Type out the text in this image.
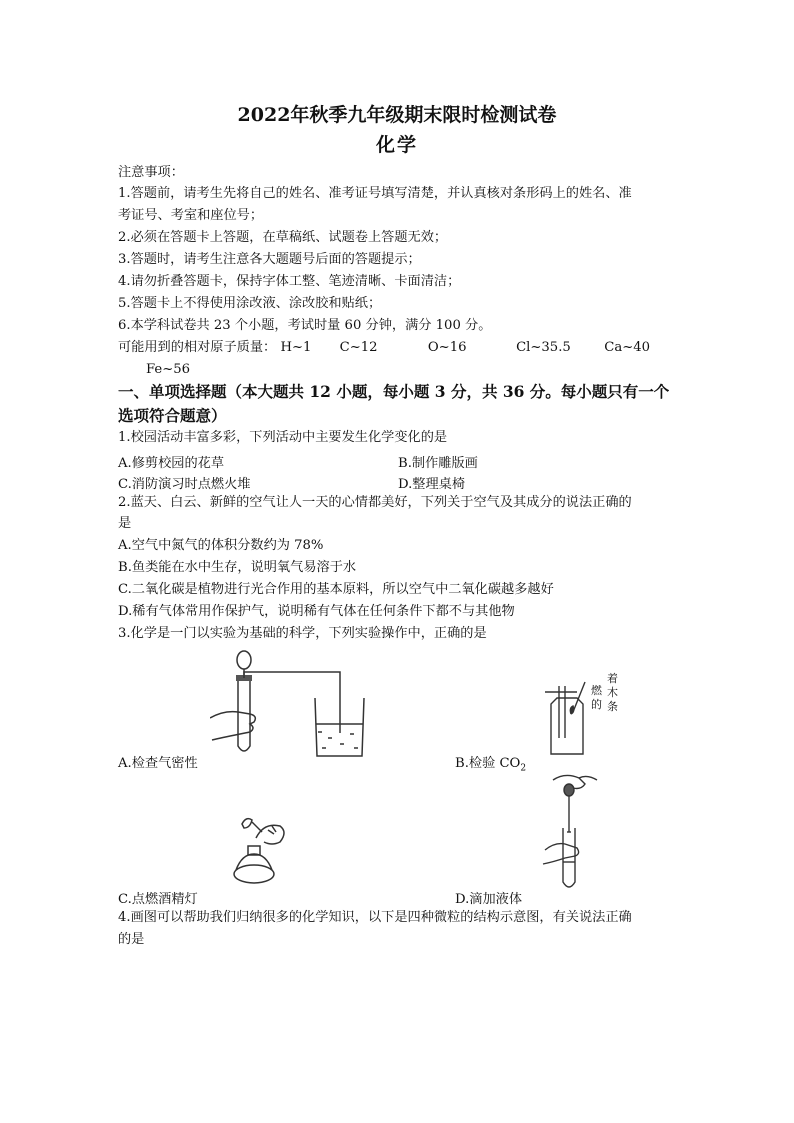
2022年秋季九年级期末限时检测试卷
化学
注意事项：
1.答题前，请考生先将自己的姓名、准考证号填写清楚，并认真核对条形码上的姓名、准
考证号、考室和座位号；
2.必须在答题卡上答题，在草稿纸、试题卷上答题无效；
3.答题时，请考生注意各大题题号后面的答题提示；
4.请勿折叠答题卡，保持字体工整、笔迹清晰、卡面清洁；
5.答题卡上不得使用涂改液、涂改胶和贴纸；
6.本学科试卷共 23 个小题，考试时量 60 分钟，满分 100 分。
可能用到的相对原子质量： H~1 C~12	O~16	Cl~35.5	Ca~40
Fe~56
一、单项选择题（本大题共 12 小题，每小题 3 分，共 36 分。每小题只有一个
选项符合题意）
1.校园活动丰富多彩，下列活动中主要发生化学变化的是
A.修剪校园的花草	B.制作雕版画
C.消防演习时点燃火堆	D.整理桌椅
2.蓝天、白云、新鲜的空气让人一天的心情都美好，下列关于空气及其成分的说法正确的
是
A.空气中氮气的体积分数约为 78%
B.鱼类能在水中生存，说明氧气易溶于水
C.二氧化碳是植物进行光合作用的基本原料，所以空气中二氧化碳越多越好
D.稀有气体常用作保护气，说明稀有气体在任何条件下都不与其他物
3.化学是一门以实验为基础的科学，下列实验操作中，正确的是
A.检查气密性
燃
着
的
木
条
B.检验 $CO_2$
C.点燃酒精灯	D.滴加液体
4.画图可以帮助我们归纳很多的化学知识，以下是四种微粒的结构示意图，有关说法正确
的是
